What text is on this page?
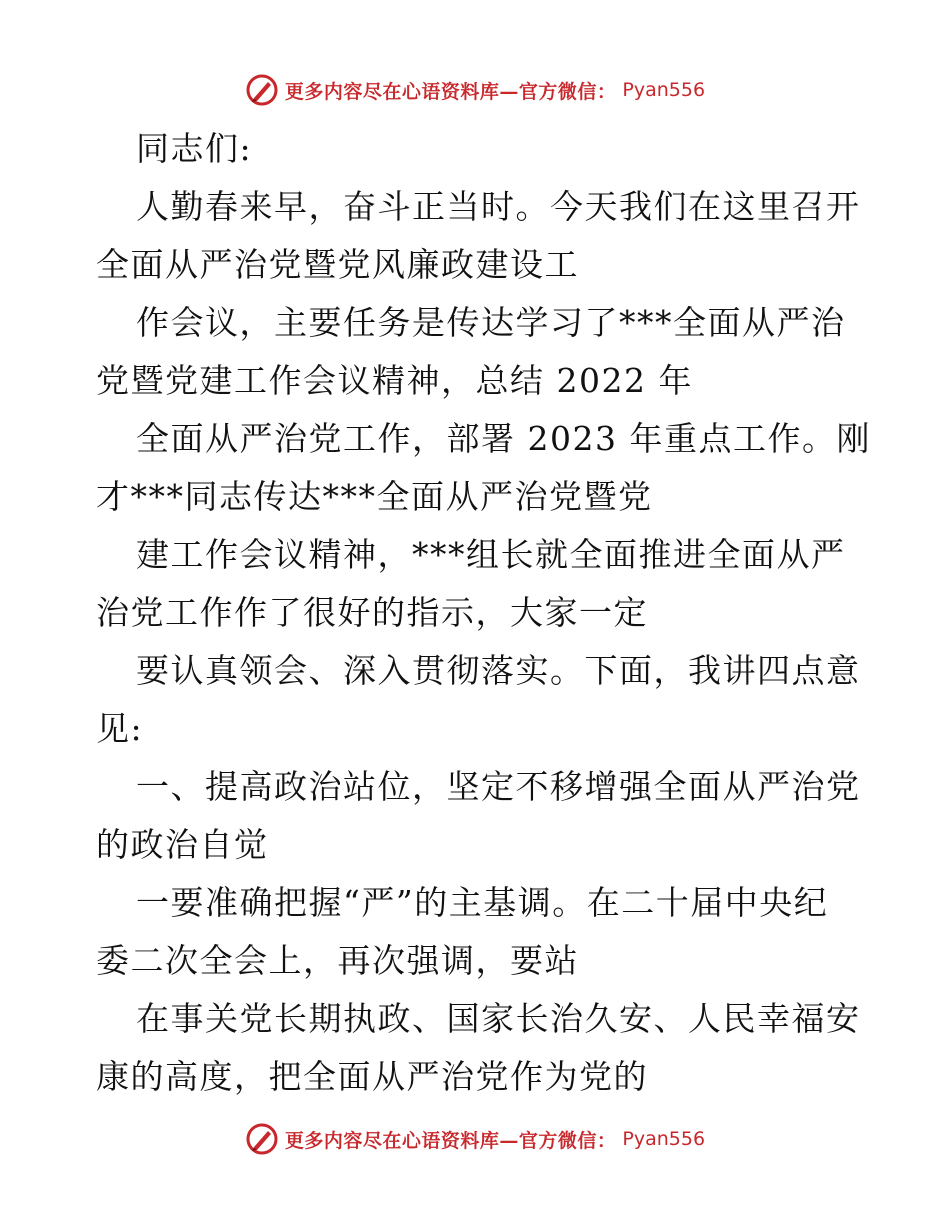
更多内容尽在心语资料库—官方微信： Pyan556

同志们:

人勤春来早，奋斗正当时。今天我们在这里召开

全面从严治党暨党风廉政建设工

作会议，主要任务是传达学习了***全面从严治

党暨党建工作会议精神，总结 2022 年

全面从严治党工作，部署 2023 年重点工作。刚

才***同志传达***全面从严治党暨党

建工作会议精神，***组长就全面推进全面从严

治党工作作了很好的指示，大家一定

要认真领会、深入贯彻落实。下面，我讲四点意

见:

一、提高政治站位，坚定不移增强全面从严治党

的政治自觉

一要准确把握“严”的主基调。在二十届中央纪

委二次全会上，再次强调，要站

在事关党长期执政、国家长治久安、人民幸福安

康的高度，把全面从严治党作为党的

更多内容尽在心语资料库—官方微信： Pyan556
